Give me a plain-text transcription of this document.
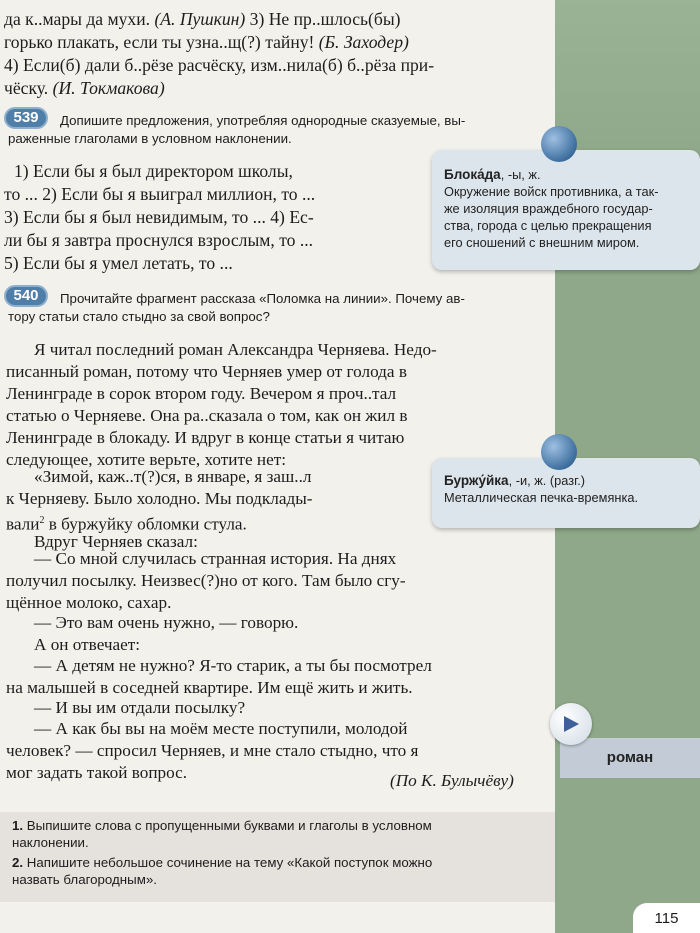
да к..мары да мухи. (А. Пушкин) 3) Не пр..шлось(бы)
горько плакать, если ты узна..щ(?) тайну! (Б. Заходер)
4) Если(б) дали б..рёзе расчёску, изм..нила(б) б..рёза при-
чёску. (И. Токмакова)
539	Допишите предложения, употребляя однородные сказуемые, вы-
раженные глаголами в условном наклонении.
1) Если бы я был директором школы,
то ... 2) Если бы я выиграл миллион, то ...
3) Если бы я был невидимым, то ... 4) Ес-
ли бы я завтра проснулся взрослым, то ...
5) Если бы я умел летать, то ...
540	Прочитайте фрагмент рассказа «Поломка на линии». Почему ав-
тору статьи стало стыдно за свой вопрос?
Я читал последний роман Александра Черняева. Недо-
писанный роман, потому что Черняев умер от голода в
Ленинграде в сорок втором году. Вечером я проч..тал
статью о Черняеве. Она ра..сказала о том, как он жил в
Ленинграде в блокаду. И вдруг в конце статьи я читаю
следующее, хотите верьте, хотите нет:
«Зимой, каж..т(?)ся, в январе, я заш..л
к Черняеву. Было холодно. Мы подклады-
вали$^2$ в буржуйку обломки стула.
Вдруг Черняев сказал:
— Со мной случилась странная история. На днях
получил посылку. Неизвес(?)но от кого. Там было сгу-
щённое молоко, сахар.
— Это вам очень нужно, — говорю.
А он отвечает:
— А детям не нужно? Я-то старик, а ты бы посмотрел
на малышей в соседней квартире. Им ещё жить и жить.
— И вы им отдали посылку?
— А как бы вы на моём месте поступили, молодой
человек? — спросил Черняев, и мне стало стыдно, что я
мог задать такой вопрос.	(По К. Булычёву)
1. Выпишите слова с пропущенными буквами и глаголы в условном
наклонении.
2. Напишите небольшое сочинение на тему «Какой поступок можно
назвать благородным».
Блока́да, -ы, ж.
Окружение войск противника, а так-
же изоляция враждебного государ-
ства, города с целью прекращения
его сношений с внешним миром.
Буржу́йка, -и, ж. (разг.)
Металлическая печка-времянка.
роман
115
